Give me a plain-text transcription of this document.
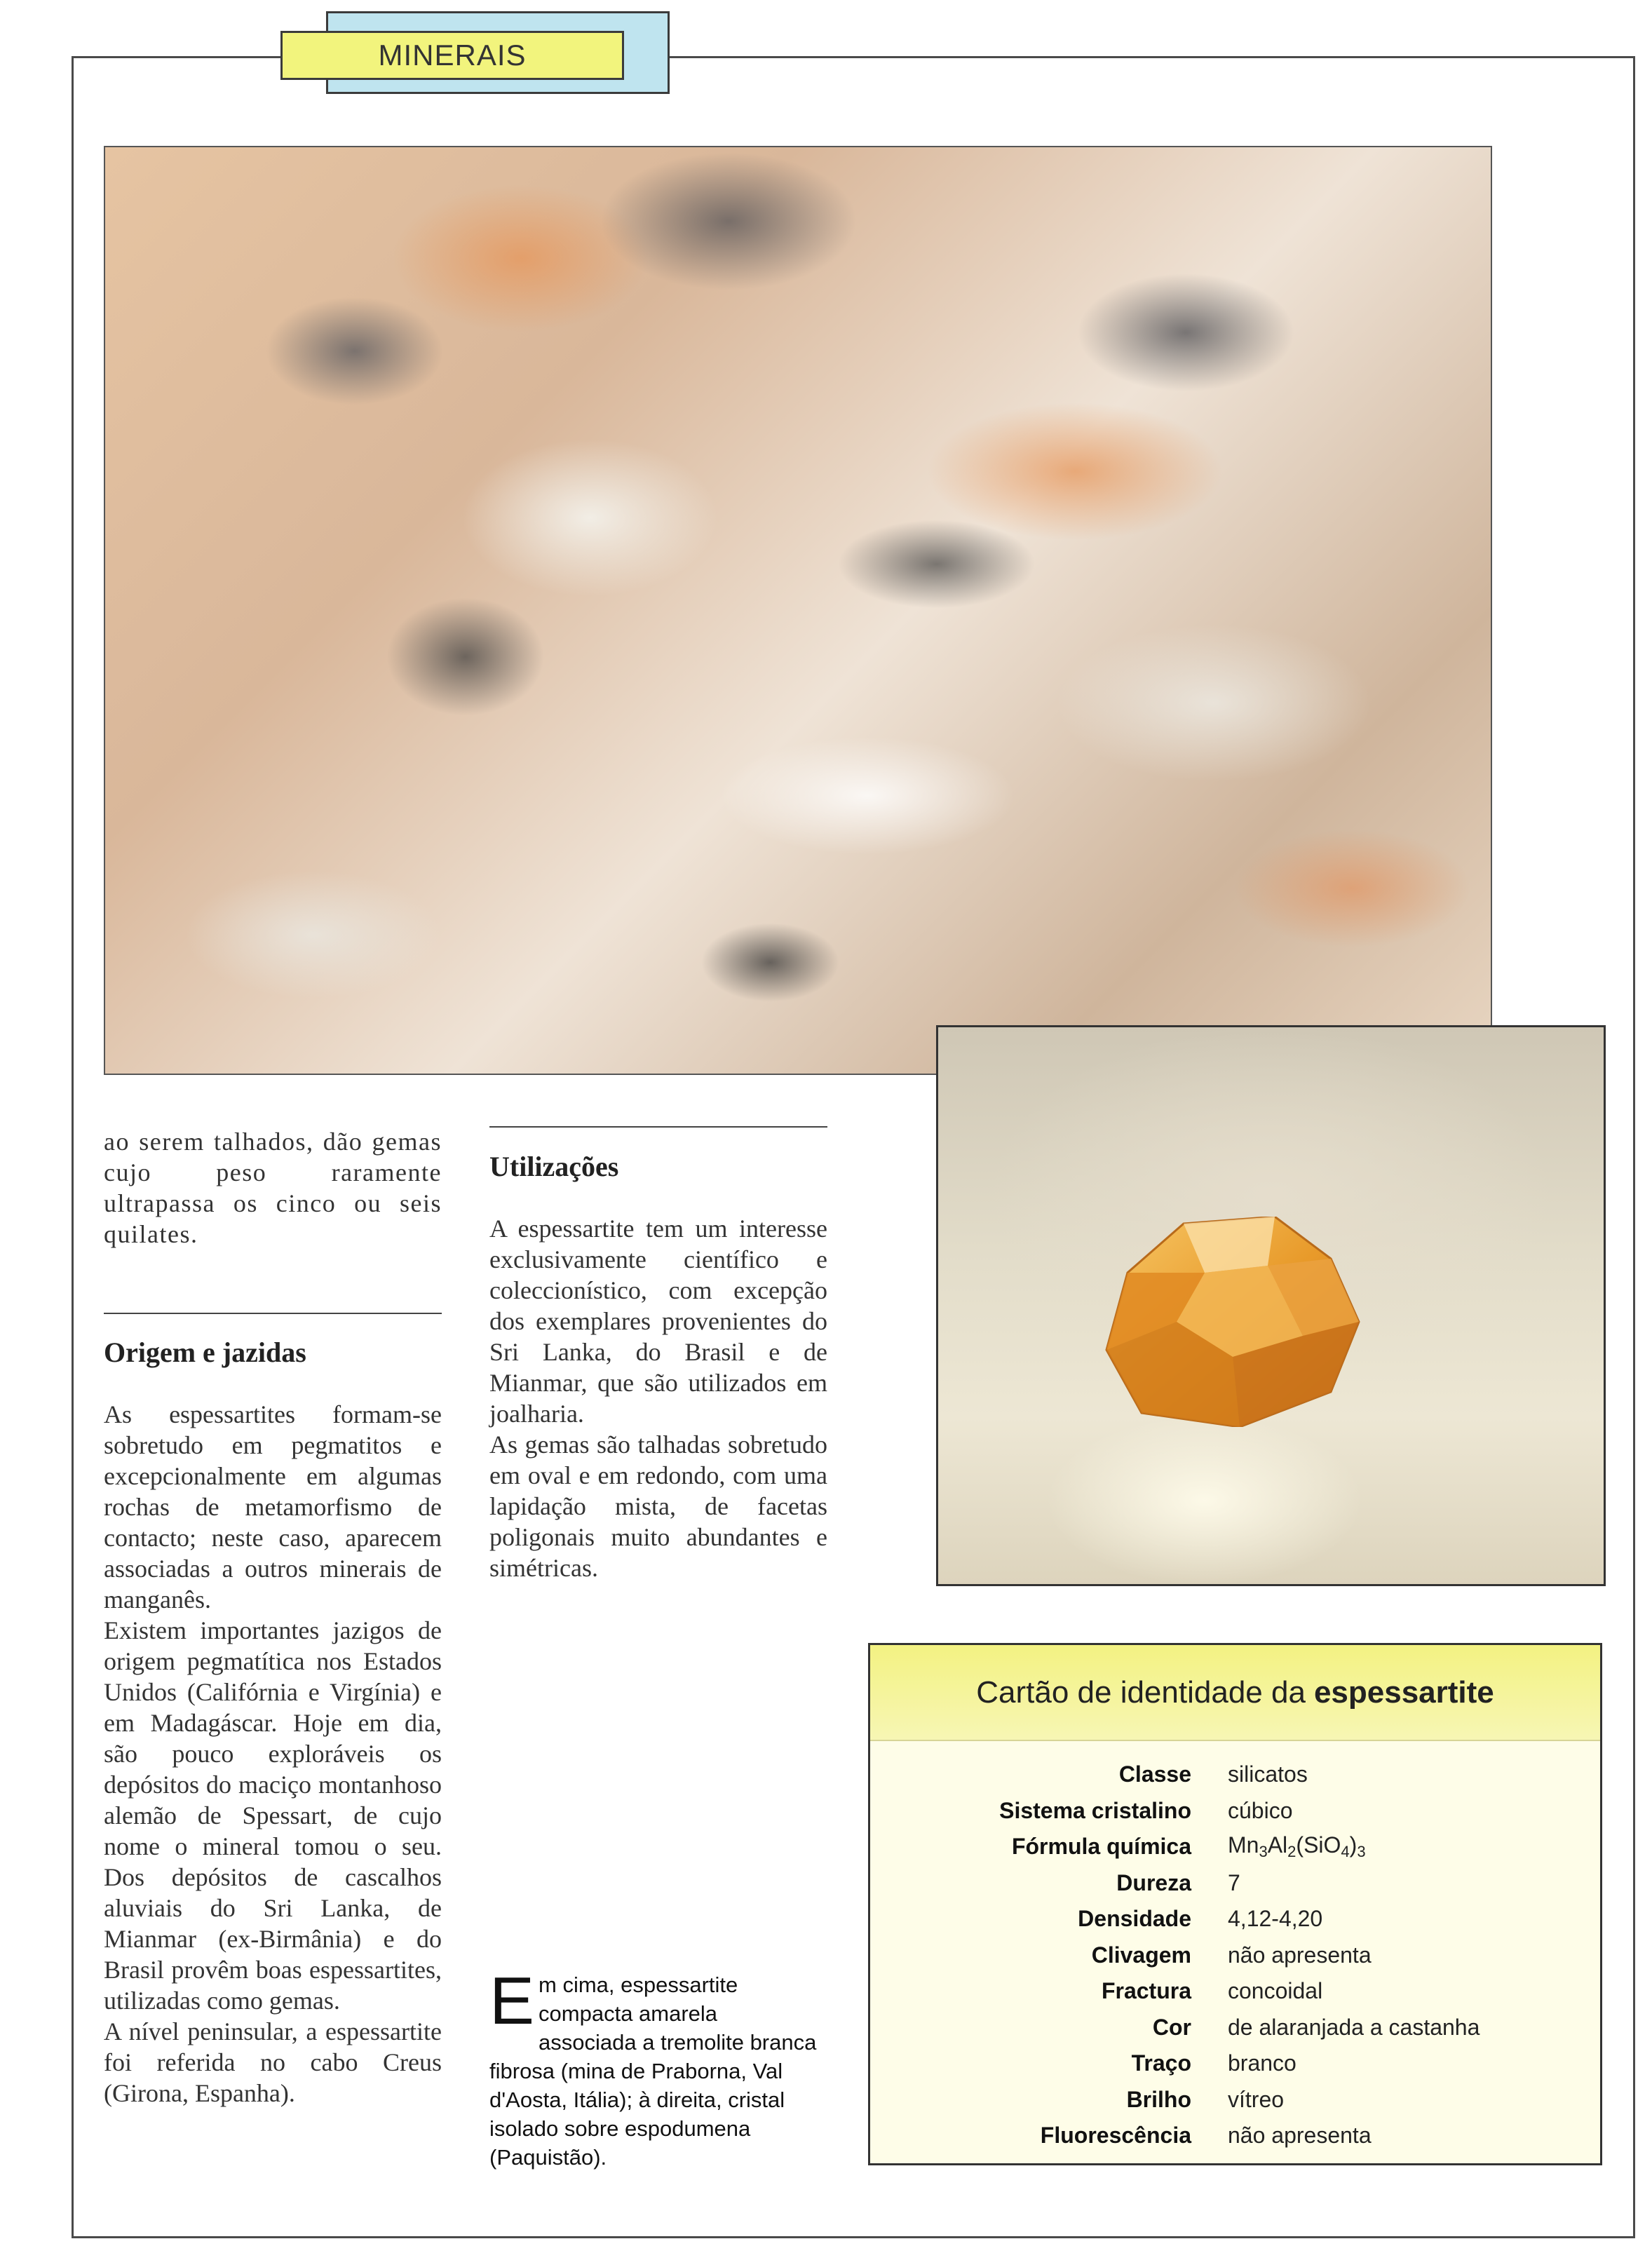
MINERAIS

ao serem talhados, dão gemas cujo peso raramente ultrapassa os cinco ou seis quilates.

Origem e jazidas

As espessartites formam-se sobretudo em pegmatitos e excepcionalmente em algumas rochas de metamorfismo de contacto; neste caso, aparecem associadas a outros minerais de manganês.

Existem importantes jazigos de origem pegmatítica nos Estados Unidos (Califórnia e Virgínia) e em Madagáscar. Hoje em dia, são pouco exploráveis os depósitos do maciço montanhoso alemão de Spessart, de cujo nome o mineral tomou o seu. Dos depósitos de cascalhos aluviais do Sri Lanka, de Mianmar (ex-Birmânia) e do Brasil provêm boas espessartites, utilizadas como gemas.

A nível peninsular, a espessartite foi referida no cabo Creus (Girona, Espanha).

Utilizações

A espessartite tem um interesse exclusivamente científico e coleccionístico, com excepção dos exemplares provenientes do Sri Lanka, do Brasil e de Mianmar, que são utilizados em joalharia.

As gemas são talhadas sobretudo em oval e em redondo, com uma lapidação mista, de facetas poligonais muito abundantes e simétricas.

E m cima, espessartite compacta amarela associada a tremolite branca fibrosa (mina de Praborna, Val d'Aosta, Itália); à direita, cristal isolado sobre espodumena (Paquistão).
Cartão de identidade da espessartite
Classe silicatos
Sistema cristalino cúbico
Fórmula química $Mn_3Al_2(SiO_4)_3$
Dureza 7
Densidade 4,12-4,20
Clivagem não apresenta
Fractura concoidal
Cor de alaranjada a castanha
Traço branco
Brilho vítreo
Fluorescência não apresenta
